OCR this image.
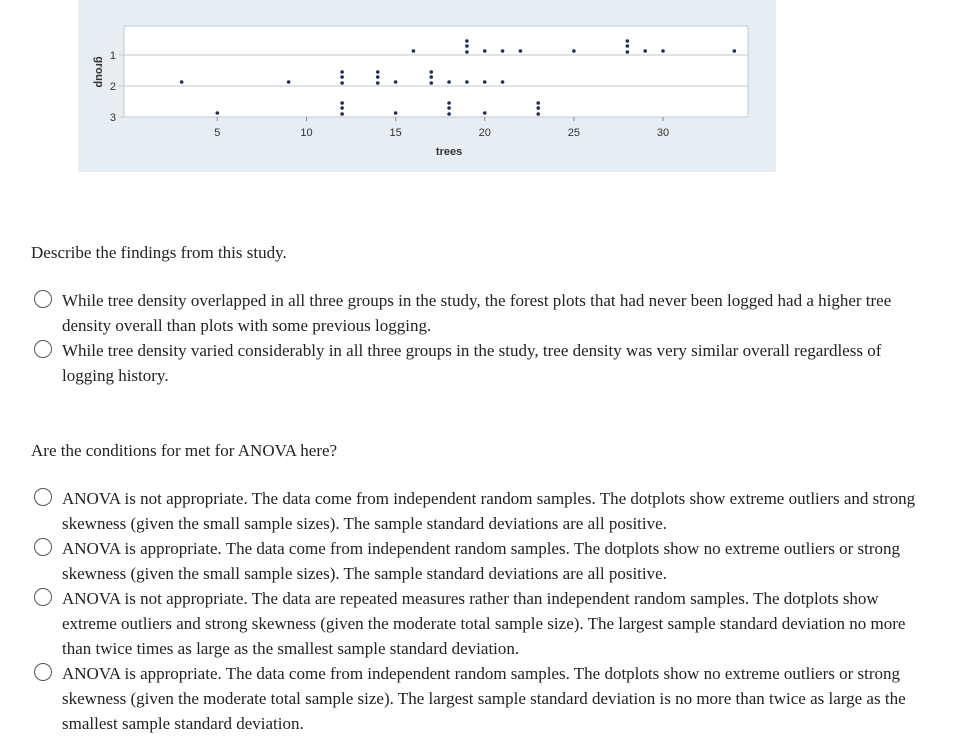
1
2
3
group
5	10	15	20	25	30
trees
Describe the findings from this study.
While tree density overlapped in all three groups in the study, the forest plots that had never been logged had a higher tree density overall than plots with some previous logging.
While tree density varied considerably in all three groups in the study, tree density was very similar overall regardless of logging history.
Are the conditions for met for ANOVA here?
ANOVA is not appropriate. The data come from independent random samples. The dotplots show extreme outliers and strong skewness (given the small sample sizes). The sample standard deviations are all positive.
ANOVA is appropriate. The data come from independent random samples. The dotplots show no extreme outliers or strong skewness (given the small sample sizes). The sample standard deviations are all positive.
ANOVA is not appropriate. The data are repeated measures rather than independent random samples. The dotplots show extreme outliers and strong skewness (given the moderate total sample size). The largest sample standard deviation no more than twice times as large as the smallest sample standard deviation.
ANOVA is appropriate. The data come from independent random samples. The dotplots show no extreme outliers or strong skewness (given the moderate total sample size). The largest sample standard deviation is no more than twice as large as the smallest sample standard deviation.
